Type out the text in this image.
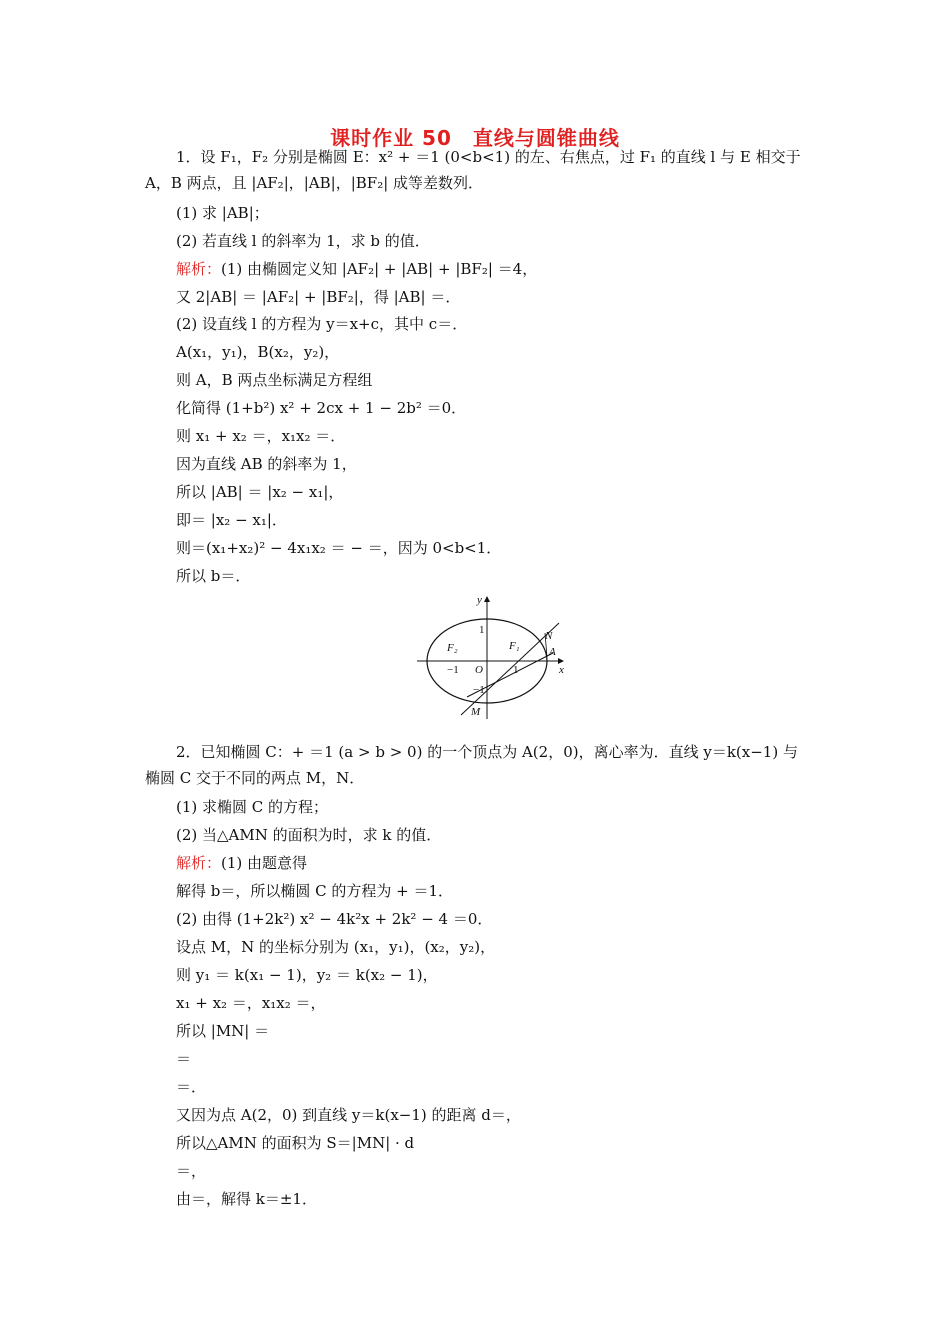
课时作业 50　直线与圆锥曲线
1．设 F₁，F₂ 分别是椭圆 E：x² + ＝1 (0<b<1) 的左、右焦点，过 F₁ 的直线 l 与 E 相交于
A，B 两点，且 |AF₂|，|AB|，|BF₂| 成等差数列．
(1) 求 |AB|；
(2) 若直线 l 的斜率为 1，求 b 的值．
解析：(1) 由椭圆定义知 |AF₂| + |AB| + |BF₂| ＝4，
又 2|AB| ＝ |AF₂| + |BF₂|，得 |AB| ＝．
(2) 设直线 l 的方程为 y＝x+c，其中 c＝．
A(x₁，y₁)，B(x₂，y₂)，
则 A，B 两点坐标满足方程组
化简得 (1+b²) x² + 2cx + 1 − 2b² ＝0．
则 x₁ + x₂ ＝，x₁x₂ ＝．
因为直线 AB 的斜率为 1，
所以 |AB| ＝ |x₂ − x₁|，
即＝ |x₂ − x₁|．
则＝(x₁+x₂)² − 4x₁x₂ ＝ − ＝，因为 0<b<1．
所以 b＝．
y
x
1
F₂	F₁
N
−1 O	1
A
−1
M
2．已知椭圆 C：+ ＝1 (a > b > 0) 的一个顶点为 A(2，0)，离心率为．直线 y＝k(x−1) 与
椭圆 C 交于不同的两点 M，N．
(1) 求椭圆 C 的方程；
(2) 当△AMN 的面积为时，求 k 的值．
解析：(1) 由题意得
解得 b＝，所以椭圆 C 的方程为 + ＝1．
(2) 由得 (1+2k²) x² − 4k²x + 2k² − 4 ＝0．
设点 M，N 的坐标分别为 (x₁，y₁)，(x₂，y₂)，
则 y₁ ＝ k(x₁ − 1)，y₂ ＝ k(x₂ − 1)，
x₁ + x₂ ＝，x₁x₂ ＝，
所以 |MN| ＝
＝
＝．
又因为点 A(2，0) 到直线 y＝k(x−1) 的距离 d＝，
所以△AMN 的面积为 S＝|MN| · d
＝，
由＝，解得 k＝±1．
